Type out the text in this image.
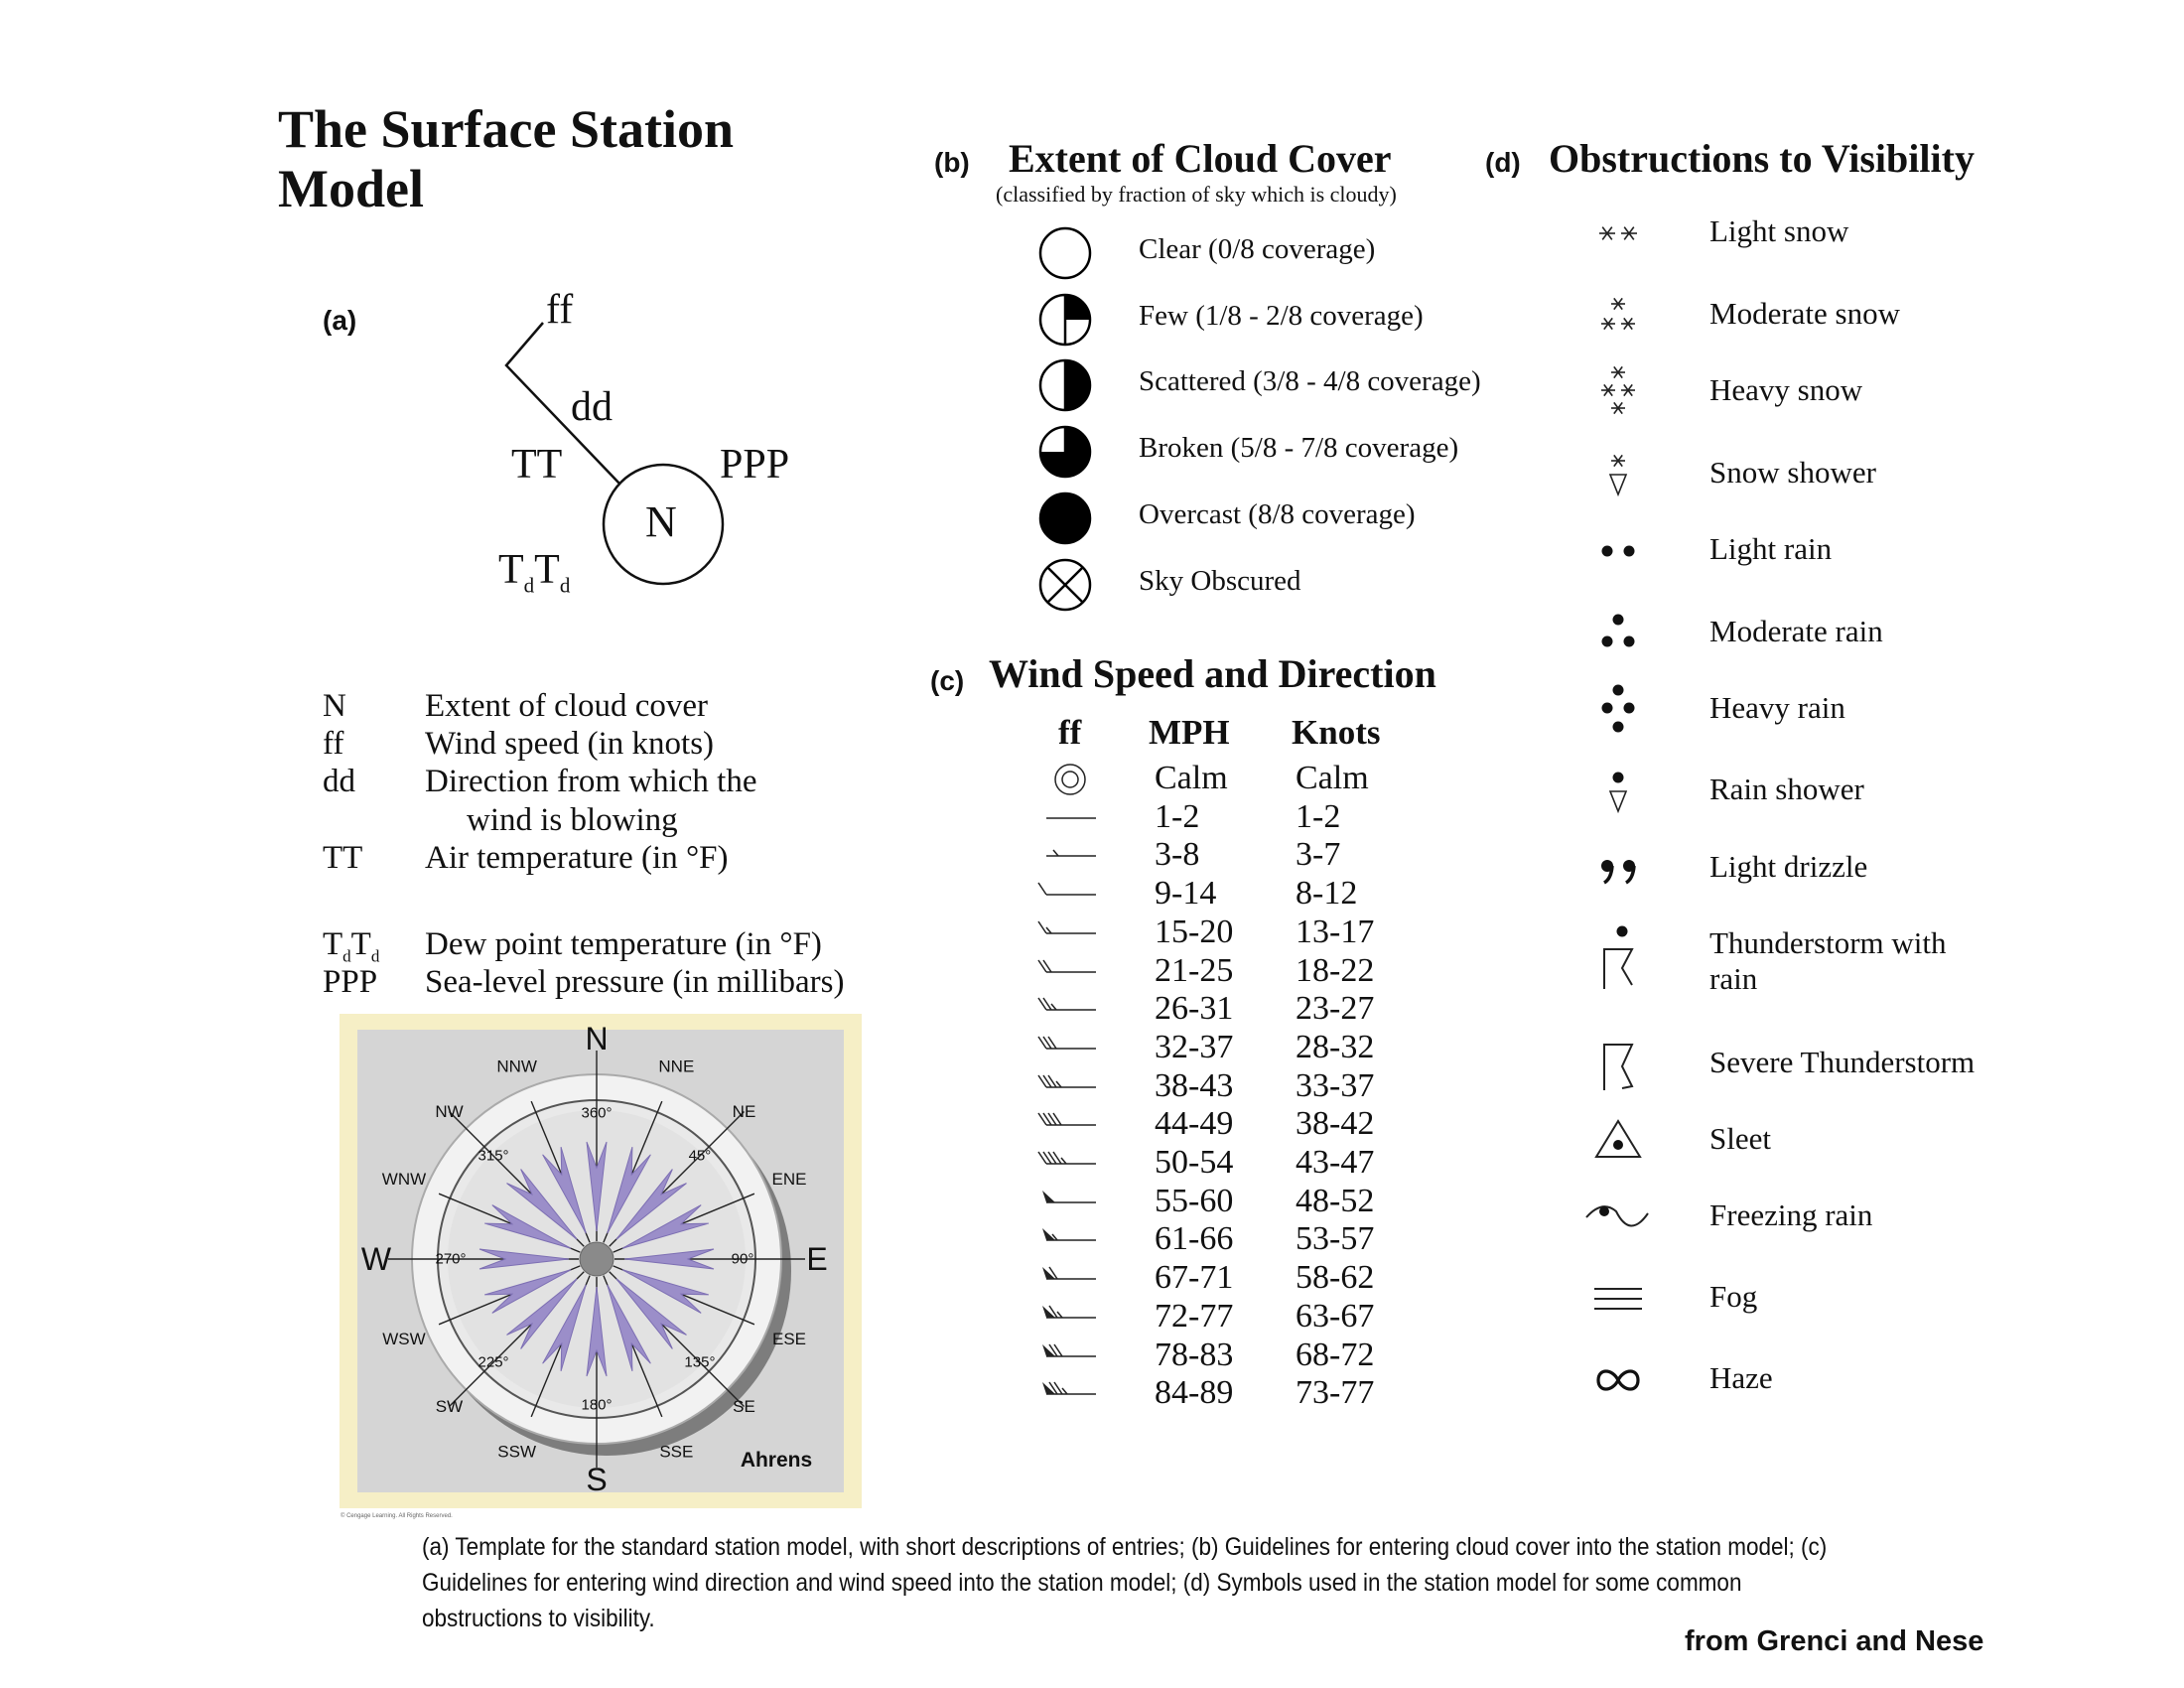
The Surface Station Model
(a)	ff
dd
TT	PPP
N
$T_dT_d$
N Extent of cloud cover
ff Wind speed (in knots)
dd Direction from which the
wind is blowing
TT Air temperature (in °F)
$T_dT_d$ Dew point temperature (in °F)
PPP Sea-level pressure (in millibars)
N
NNE
NE
ENE
E
ESE
SE
SSE
S
SSW
SW
WSW
W
WNW
NW
NNW
360°
45°
90°
135°
180°
225°
270°
315°
Ahrens
(b) Extent of Cloud Cover
(classified by fraction of sky which is cloudy)
Clear (0/8 coverage)
Few (1/8 - 2/8 coverage)
Scattered (3/8 - 4/8 coverage)
Broken (5/8 - 7/8 coverage)
Overcast (8/8 coverage)
Sky Obscured
(c) Wind Speed and Direction
ff MPH Knots
Calm Calm
1-2	1-2
3-8	3-7
9-14 8-12
15-20 13-17
21-25 18-22
26-31 23-27
32-37 28-32
38-43 33-37
44-49 38-42
50-54 43-47
55-60 48-52
61-66 53-57
67-71 58-62
72-77 63-67
78-83 68-72
84-89 73-77
(d) Obstructions to Visibility
Light snow
Moderate snow
Heavy snow
Snow shower
Light rain
Moderate rain
Heavy rain
Rain shower
Light drizzle
Thunderstorm with
rain
Severe Thunderstorm
Sleet
Freezing rain
Fog
Haze
© Cengage Learning. All Rights Reserved.
(a) Template for the standard station model, with short descriptions of entries; (b) Guidelines for entering cloud cover into the station model; (c) Guidelines for entering wind direction and wind speed into the station model; (d) Symbols used in the station model for some common obstructions to visibility.
from Grenci and Nese
